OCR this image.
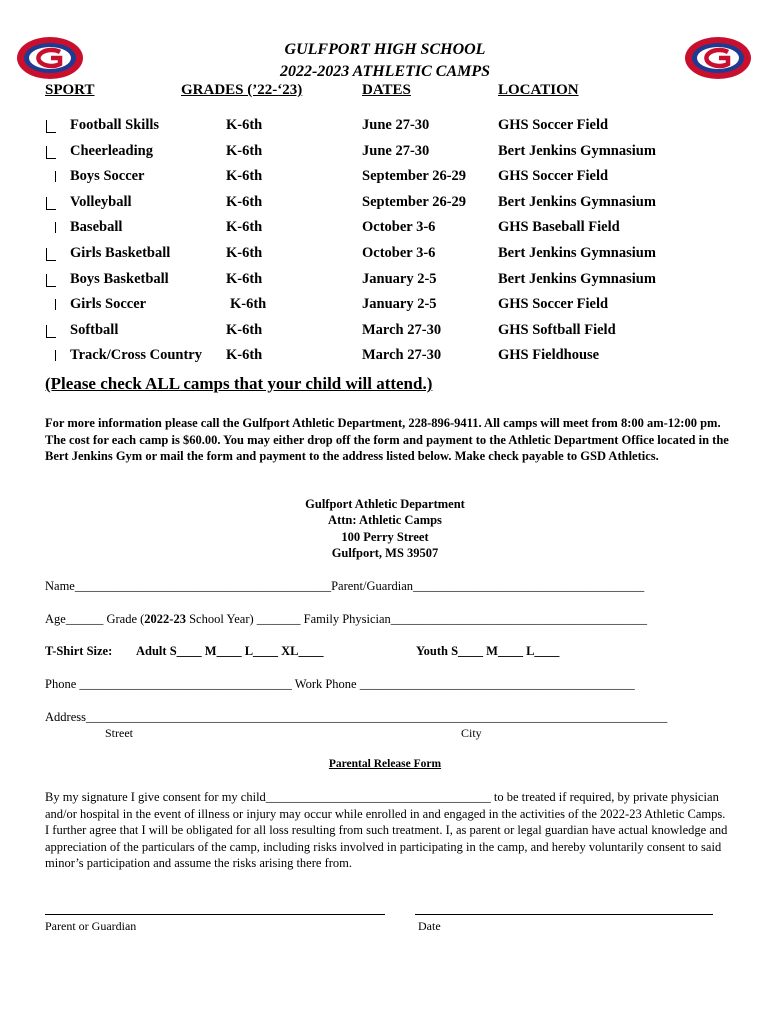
GULFPORT HIGH SCHOOL
2022-2023 ATHLETIC CAMPS
SPORT	GRADES (’22-‘23)	DATES	LOCATION
Football Skills	K-6th	June 27-30	GHS Soccer Field
Cheerleading	K-6th	June 27-30	Bert Jenkins Gymnasium
Boys Soccer	K-6th	September 26-29 GHS Soccer Field
Volleyball	K-6th	September 26-29 Bert Jenkins Gymnasium
Baseball	K-6th	October 3-6	GHS Baseball Field
Girls Basketball	K-6th	October 3-6	Bert Jenkins Gymnasium
Boys Basketball	K-6th	January 2-5	Bert Jenkins Gymnasium
Girls Soccer	K-6th	January 2-5	GHS Soccer Field
Softball	K-6th	March 27-30	GHS Softball Field
Track/Cross Country K-6th	March 27-30	GHS Fieldhouse
(Please check ALL camps that your child will attend.)
For more information please call the Gulfport Athletic Department, 228-896-9411. All camps will meet from 8:00 am-12:00 pm. The cost for each camp is $60.00. You may either drop off the form and payment to the Athletic Department Office located in the Bert Jenkins Gym or mail the form and payment to the address listed below. Make check payable to GSD Athletics.
Gulfport Athletic Department
Attn: Athletic Camps
100 Perry Street
Gulfport, MS 39507
Name_________________________________________Parent/Guardian_____________________________________
Age______ Grade (2022-23 School Year) _______ Family Physician_________________________________________
T-Shirt Size: Adult S____ M____ L____ XL____	Youth S____ M____ L____
Phone __________________________________ Work Phone ____________________________________________
Address_____________________________________________________________________________________________
Street	City
Parental Release Form
By my signature I give consent for my child____________________________________ to be treated if required, by private physician and/or hospital in the event of illness or injury may occur while enrolled in and engaged in the activities of the 2022-23 Athletic Camps. I further agree that I will be obligated for all loss resulting from such treatment. I, as parent or legal guardian have actual knowledge and appreciation of the particulars of the camp, including risks involved in participating in the camp, and hereby voluntarily consent to said minor’s participation and assume the risks arising there from.
Parent or Guardian	Date
